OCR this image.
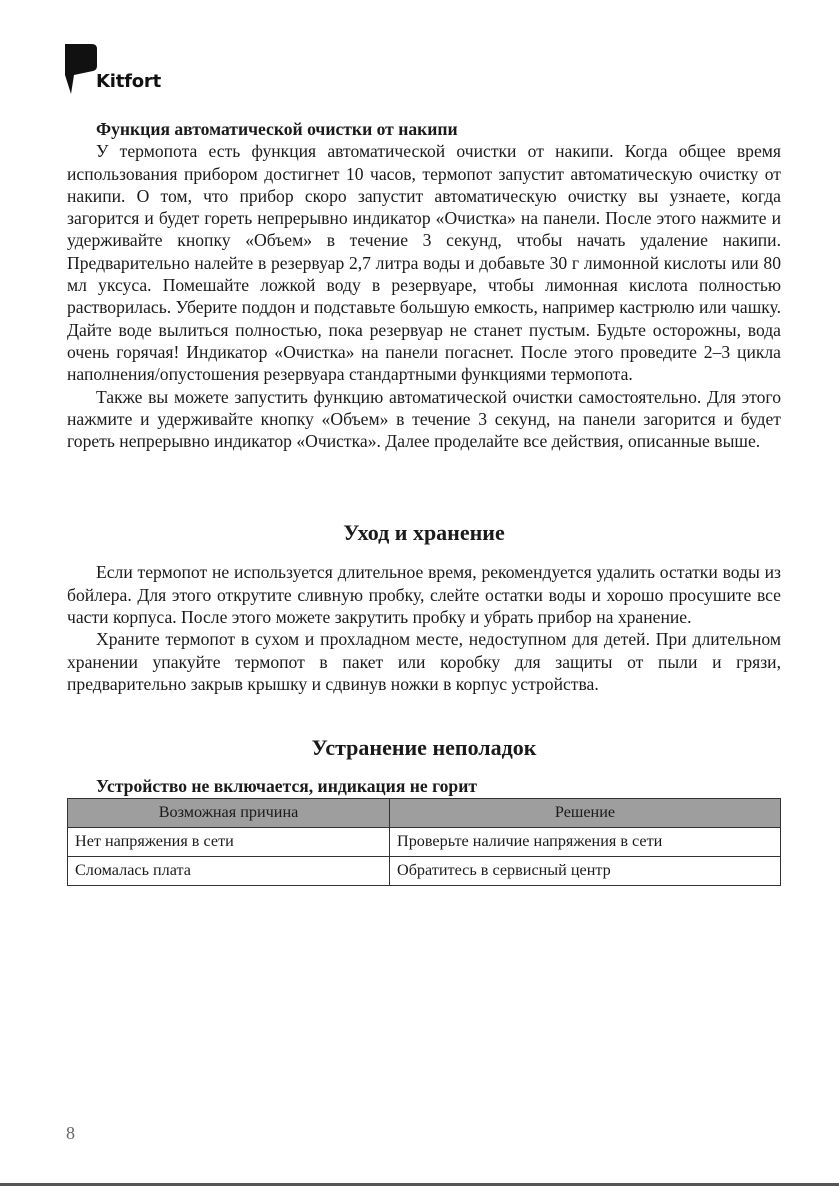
Kitfort

Функция автоматической очистки от накипи

У термопота есть функция автоматической очистки от накипи. Когда общее время использования прибором достигнет 10 часов, термопот запустит автоматическую очистку от накипи. О том, что прибор скоро запустит автоматическую очистку вы узнаете, когда загорится и будет гореть непрерывно индикатор «Очистка» на панели. После этого нажмите и удерживайте кнопку «Объем» в течение 3 секунд, чтобы начать удаление накипи. Предварительно налейте в резервуар 2,7 литра воды и добавьте 30 г лимонной кислоты или 80 мл уксуса. Помешайте ложкой воду в резервуаре, чтобы лимонная кислота полностью растворилась. Уберите поддон и подставьте большую емкость, например кастрюлю или чашку. Дайте воде вылиться полностью, пока резервуар не станет пустым. Будьте осторожны, вода очень горячая! Индикатор «Очистка» на панели погаснет. После этого проведите 2–3 цикла наполнения/опустошения резервуара стандартными функциями термопота.

Также вы можете запустить функцию автоматической очистки самостоятельно. Для этого нажмите и удерживайте кнопку «Объем» в течение 3 секунд, на панели загорится и будет гореть непрерывно индикатор «Очистка». Далее проделайте все действия, описанные выше.

Уход и хранение

Если термопот не используется длительное время, рекомендуется удалить остатки воды из бойлера. Для этого открутите сливную пробку, слейте остатки воды и хорошо просушите все части корпуса. После этого можете закрутить пробку и убрать прибор на хранение.

Храните термопот в сухом и прохладном месте, недоступном для детей. При длительном хранении упакуйте термопот в пакет или коробку для защиты от пыли и грязи, предварительно закрыв крышку и сдвинув ножки в корпус устройства.

Устранение неполадок

Устройство не включается, индикация не горит

Возможная причина	Решение
Нет напряжения в сети	Проверьте наличие напряжения в сети
Сломалась плата	Обратитесь в сервисный центр
8
